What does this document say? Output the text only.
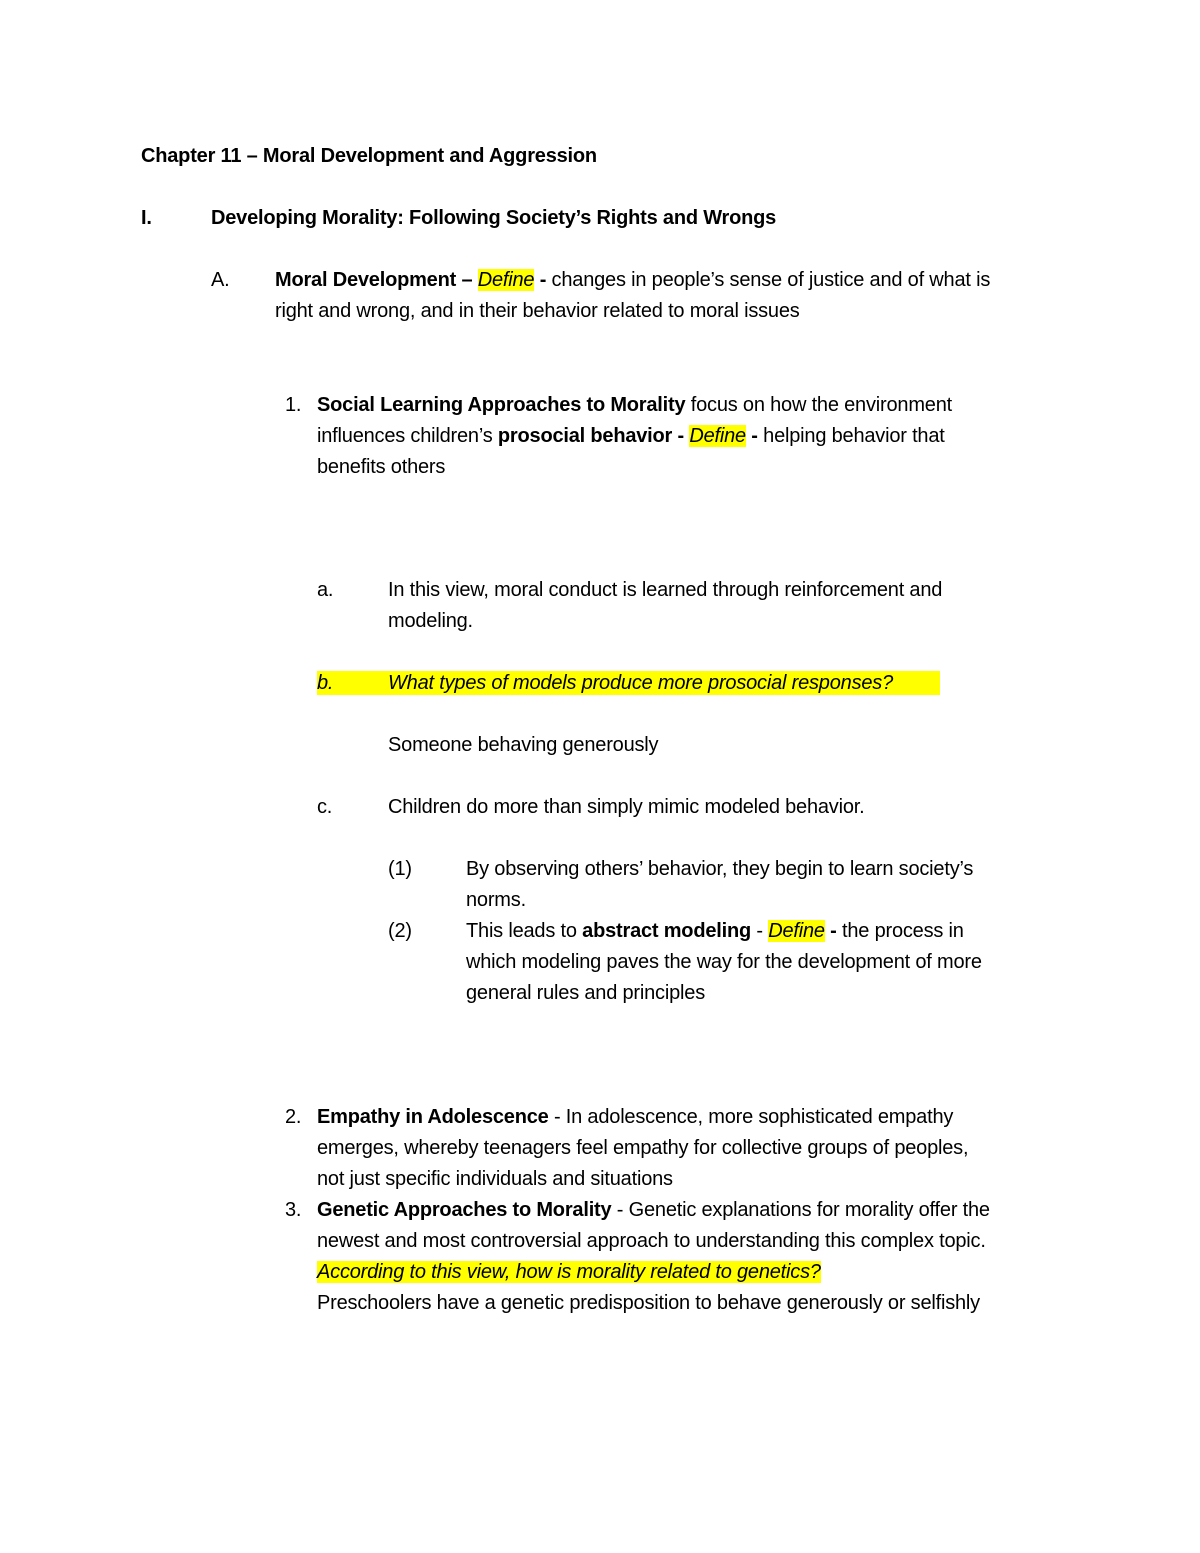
Chapter 11 – Moral Development and Aggression
I.	Developing Morality: Following Society’s Rights and Wrongs
A. Moral Development – Define - changes in people’s sense of justice and of what is
right and wrong, and in their behavior related to moral issues
1. Social Learning Approaches to Morality focus on how the environment
influences children’s prosocial behavior - Define - helping behavior that
benefits others
a.	In this view, moral conduct is learned through reinforcement and
modeling.
b.	What types of models produce more prosocial responses?
Someone behaving generously
c.	Children do more than simply mimic modeled behavior.
(1)	By observing others’ behavior, they begin to learn society’s
norms.
(2)	This leads to abstract modeling - Define - the process in
which modeling paves the way for the development of more
general rules and principles
2. Empathy in Adolescence - In adolescence, more sophisticated empathy
emerges, whereby teenagers feel empathy for collective groups of peoples,
not just specific individuals and situations
3. Genetic Approaches to Morality - Genetic explanations for morality offer the
newest and most controversial approach to understanding this complex topic.
According to this view, how is morality related to genetics?
Preschoolers have a genetic predisposition to behave generously or selfishly
